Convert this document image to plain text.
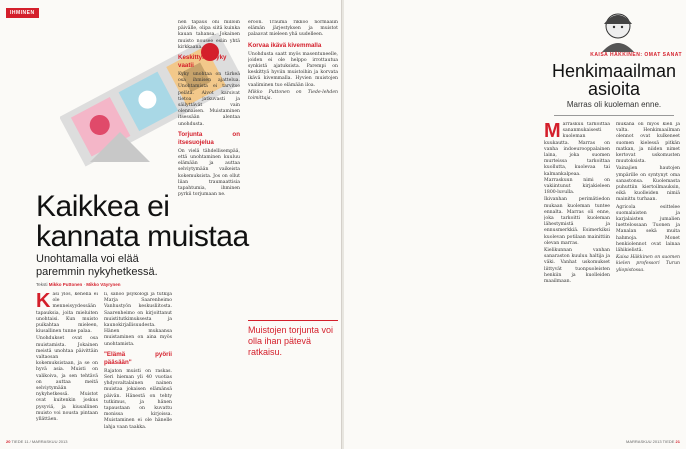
IHMINEN
Kaikkea ei
kannata muistaa
Unohtamalla voi elää paremmin nykyhetkessä.
Teksti Mikko Puttonen · Mikko Väyrynen
K äsi ylös, kenellä ei ole menneisyydessään tapauksia, joita mieluiten unohtaisi. Kun muisto puikahtaa mieleen, kiusallinen tunne palaa.

Unohdukset ovat osa muistamista. Jokainen meistä unohtaa päivittäin valtaosan kokemuksistaan, ja se on hyvä asia. Muisti on valikoiva, ja sen tehtävä on auttaa meitä selviytymään nykyhetkessä. Muistot ovat kuitenkin joskus pysyviä, ja kiusallinen muisto voi nousta pintaan yllättäen.

li, sanoo psykologi ja tutkija Marja Saarenheimo Vanhustyön keskusliitosta. Saarenheimo on kirjoittanut muistitutkimuksesta ja kaunokirjallisuudesta. Hänen mukaansa muistaminen on aina myös unohtamista.

"Elämä pyörii pääsään"

Rajaton muisti on raskas. Seri hieman yli 40 vuotias yhdysvaltalainen nainen muistaa jokaisen elämänsä päivän. Hänestä on tehty tutkimus, ja hänen tapaustaan on kuvattu monissa kirjoissa. Muistaminen ei ole hänelle lahja vaan taakka.

nen tapaus oni milloin päivälle, olipa siitä kuinka kauan tahansa. Jokainen muisto nousee esiin yhtä kirkkaana.

Keskittymiskyky vaatii

Kyky unohtaa on tärkeä osa ihmisen ajattelua. Unohtamista ei tarvitse pelätä. Aivot karsivat tietoa jatkuvasti ja säilyttävät vain olennaisen. Muistaminen itsessään alentaa unohdusta.

Torjunta on itsesuojelua

On vielä tähdellisempää, että unohtaminen kuuluu elämään ja auttaa selviytymään vaikeista kokemuksista. Jos on ollut liian traumaattisia tapahtumia, ihminen pyrkii torjumaan ne.

eroon. Trauma rikkoo normaalin elämän järjestyksen ja muistot palaavat mieleen yhä uudelleen.

Korvaa ikävä kivemmalla

Unohdusta saatt myös masentuneelle, joiden ei ole helppo irrottautua synkistä ajatuksista. Parempi on keskittyä hyviin muistoihin ja korvata ikävä kivemmalla. Hyvien muistojen vaaliminen tuo elämään iloa.

Mikko Puttonen on Tiede-lehden toimittaja.

Muistojen torjunta voi olla ihan pätevä ratkaisu.
20 TIEDE 11 / MARRASKUU 2013
KAISA HÄKKINEN: OMAT SANAT
Henkimaailman
asioita
Marras oli kuoleman enne.
M arraskuu tarkoittaa sananmukaisesti kuoleman kuukautta. Marras on vanha indoeurooppalainen laina, joka suomen murteissa tarkoittaa kuollutta, kuolevaa tai kalmankalpeaa. Marraskuun nimi on vakiintunut kirjakieleen 1800-luvulla.

Ikivanhan perimätiedon mukaan kuoleman tuntee ennalta. Marras oli enne, joka tarkoitti kuoleman lähestymistä ja ennusmerkkiä. Esimerkiksi kuolevan potilaan mainittiin olevan marras.

Kielikunnan vanhan sanaraston kuuluu haltija ja väki. Vanhat uskomukset liittyvät tuonpuoleisten henkiin ja kuolleiden maailmaan.

mukana oli myös kieli ja valta. Henkimaailman olennot ovat kulkeneet suomen kielessä pitkän matkan, ja niiden nimet kertovat uskomusten muutoksista.

Vainajien hautojen ympärille on syntynyt oma sanastonsa. Kuolemasta puhuttiin kiertoilmauksin, eikä kuolleiden nimiä mainittu turhaan.

Agricola esittelee suomalaisten ja karjalaisten jumalien luettelossaan Tuonen ja Manalan sekä muita hahmoja. Monet henkiolennot ovat lainaa lähikielistä.

Kaisa Häkkinen on suomen kielen professori Turun yliopistossa.

MARRASKUU 2013 TIEDE 21
